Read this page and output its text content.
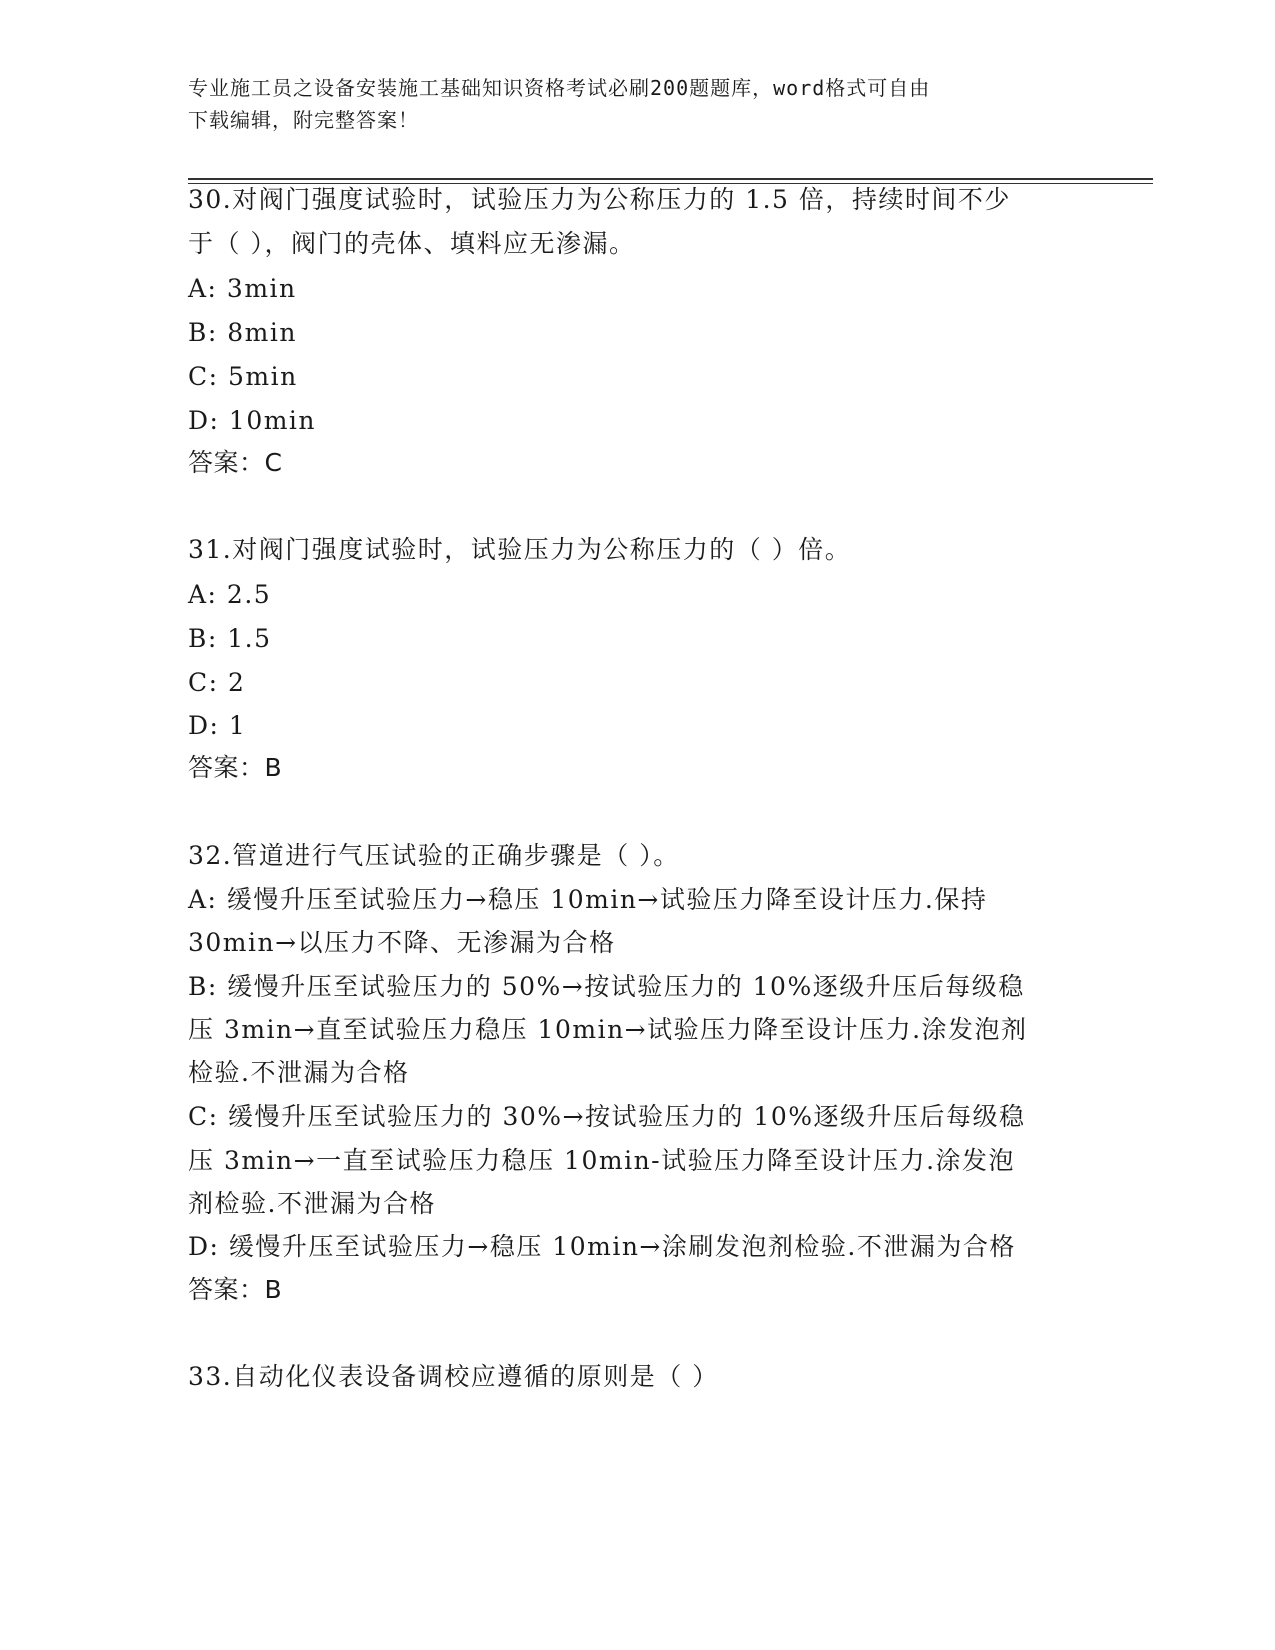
专业施工员之设备安装施工基础知识资格考试必刷200题题库，word格式可自由
下载编辑，附完整答案！
30.对阀门强度试验时，试验压力为公称压力的 1.5 倍，持续时间不少
于（ ），阀门的壳体、填料应无渗漏。
A: 3min
B: 8min
C: 5min
D: 10min
答案：C
31.对阀门强度试验时，试验压力为公称压力的（ ）倍。
A: 2.5
B: 1.5
C: 2
D: 1
答案：B
32.管道进行气压试验的正确步骤是（ ）。
A: 缓慢升压至试验压力→稳压 10min→试验压力降至设计压力.保持
30min→以压力不降、无渗漏为合格
B: 缓慢升压至试验压力的 50%→按试验压力的 10%逐级升压后每级稳
压 3min→直至试验压力稳压 10min→试验压力降至设计压力.涂发泡剂
检验.不泄漏为合格
C: 缓慢升压至试验压力的 30%→按试验压力的 10%逐级升压后每级稳
压 3min→一直至试验压力稳压 10min-试验压力降至设计压力.涂发泡
剂检验.不泄漏为合格
D: 缓慢升压至试验压力→稳压 10min→涂刷发泡剂检验.不泄漏为合格
答案：B
33.自动化仪表设备调校应遵循的原则是（ ）
